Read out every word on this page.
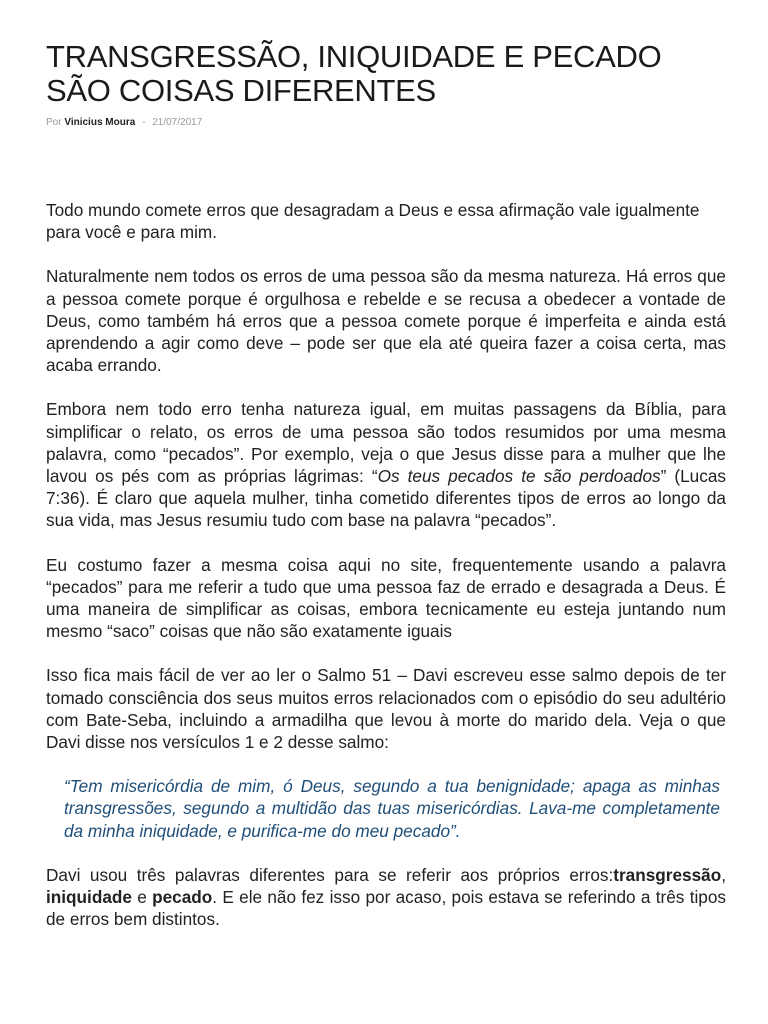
TRANSGRESSÃO, INIQUIDADE E PECADO SÃO COISAS DIFERENTES
Por Vinicius Moura - 21/07/2017

Todo mundo comete erros que desagradam a Deus e essa afirmação vale igualmente para você e para mim.

Naturalmente nem todos os erros de uma pessoa são da mesma natureza. Há erros que a pessoa comete porque é orgulhosa e rebelde e se recusa a obedecer a vontade de Deus, como também há erros que a pessoa comete porque é imperfeita e ainda está aprendendo a agir como deve – pode ser que ela até queira fazer a coisa certa, mas acaba errando.

Embora nem todo erro tenha natureza igual, em muitas passagens da Bíblia, para simplificar o relato, os erros de uma pessoa são todos resumidos por uma mesma palavra, como “pecados”. Por exemplo, veja o que Jesus disse para a mulher que lhe lavou os pés com as próprias lágrimas: “Os teus pecados te são perdoados” (Lucas 7:36). É claro que aquela mulher, tinha cometido diferentes tipos de erros ao longo da sua vida, mas Jesus resumiu tudo com base na palavra “pecados”.

Eu costumo fazer a mesma coisa aqui no site, frequentemente usando a palavra “pecados” para me referir a tudo que uma pessoa faz de errado e desagrada a Deus. É uma maneira de simplificar as coisas, embora tecnicamente eu esteja juntando num mesmo “saco” coisas que não são exatamente iguais

Isso fica mais fácil de ver ao ler o Salmo 51 – Davi escreveu esse salmo depois de ter tomado consciência dos seus muitos erros relacionados com o episódio do seu adultério com Bate-Seba, incluindo a armadilha que levou à morte do marido dela. Veja o que Davi disse nos versículos 1 e 2 desse salmo:

“Tem misericórdia de mim, ó Deus, segundo a tua benignidade; apaga as minhas transgressões, segundo a multidão das tuas misericórdias. Lava-me completamente da minha iniquidade, e purifica-me do meu pecado”.

Davi usou três palavras diferentes para se referir aos próprios erros:transgressão, iniquidade e pecado. E ele não fez isso por acaso, pois estava se referindo a três tipos de erros bem distintos.
